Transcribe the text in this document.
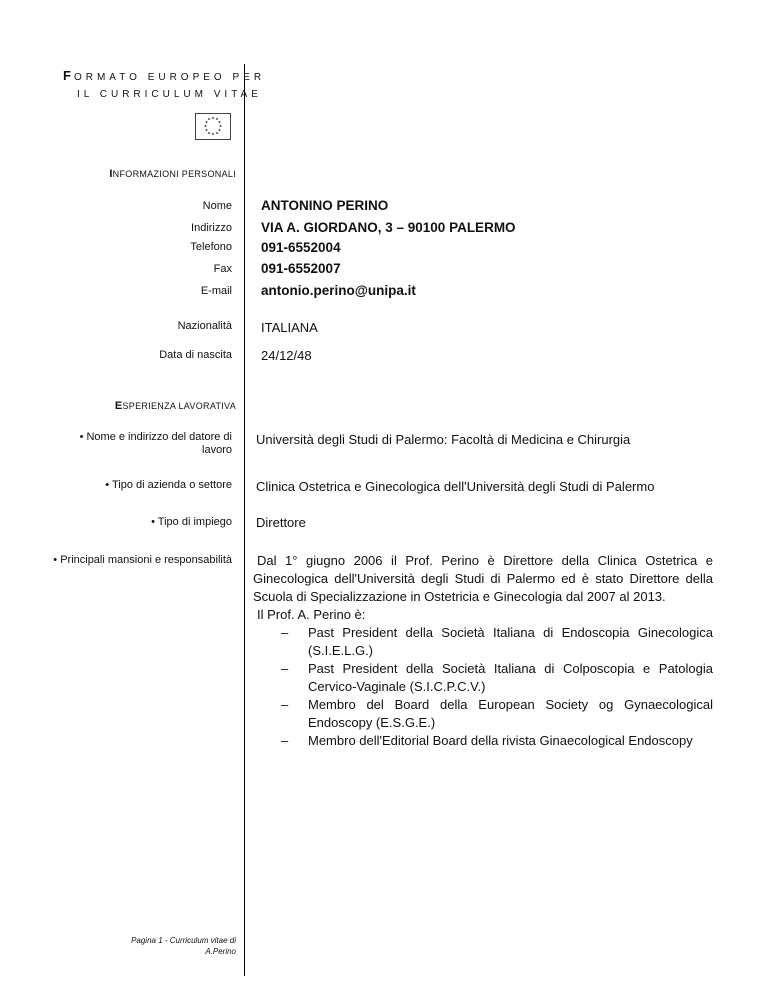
FORMATO EUROPEO PER
IL CURRICULUM VITAE
INFORMAZIONI PERSONALI
Nome ANTONINO PERINO
Indirizzo VIA A. GIORDANO, 3 – 90100 PALERMO
Telefono 091-6552004
Fax 091-6552007
E-mail antonio.perino@unipa.it
Nazionalità ITALIANA
Data di nascita 24/12/48
ESPERIENZA LAVORATIVA
• Nome e indirizzo del datore di
lavoro
Università degli Studi di Palermo: Facoltà di Medicina e Chirurgia
• Tipo di azienda o settore Clinica Ostetrica e Ginecologica dell'Università degli Studi di Palermo
• Tipo di impiego Direttore
• Principali mansioni e responsabilità	Dal 1° giugno 2006 il Prof. Perino è Direttore della Clinica Ostetrica e Ginecologica dell'Università degli Studi di Palermo ed è stato Direttore della Scuola di Specializzazione in Ostetricia e Ginecologia dal 2007 al 2013.

Il Prof. A. Perino è:

– Past President della Società Italiana di Endoscopia Ginecologica (S.I.E.L.G.)
– Past President della Società Italiana di Colposcopia e Patologia Cervico-Vaginale (S.I.C.P.C.V.)
– Membro del Board della European Society og Gynaecological Endoscopy (E.S.G.E.)
– Membro dell'Editorial Board della rivista Ginaecological Endoscopy
Pagina 1 - Curriculum vitae di
A.Perino
